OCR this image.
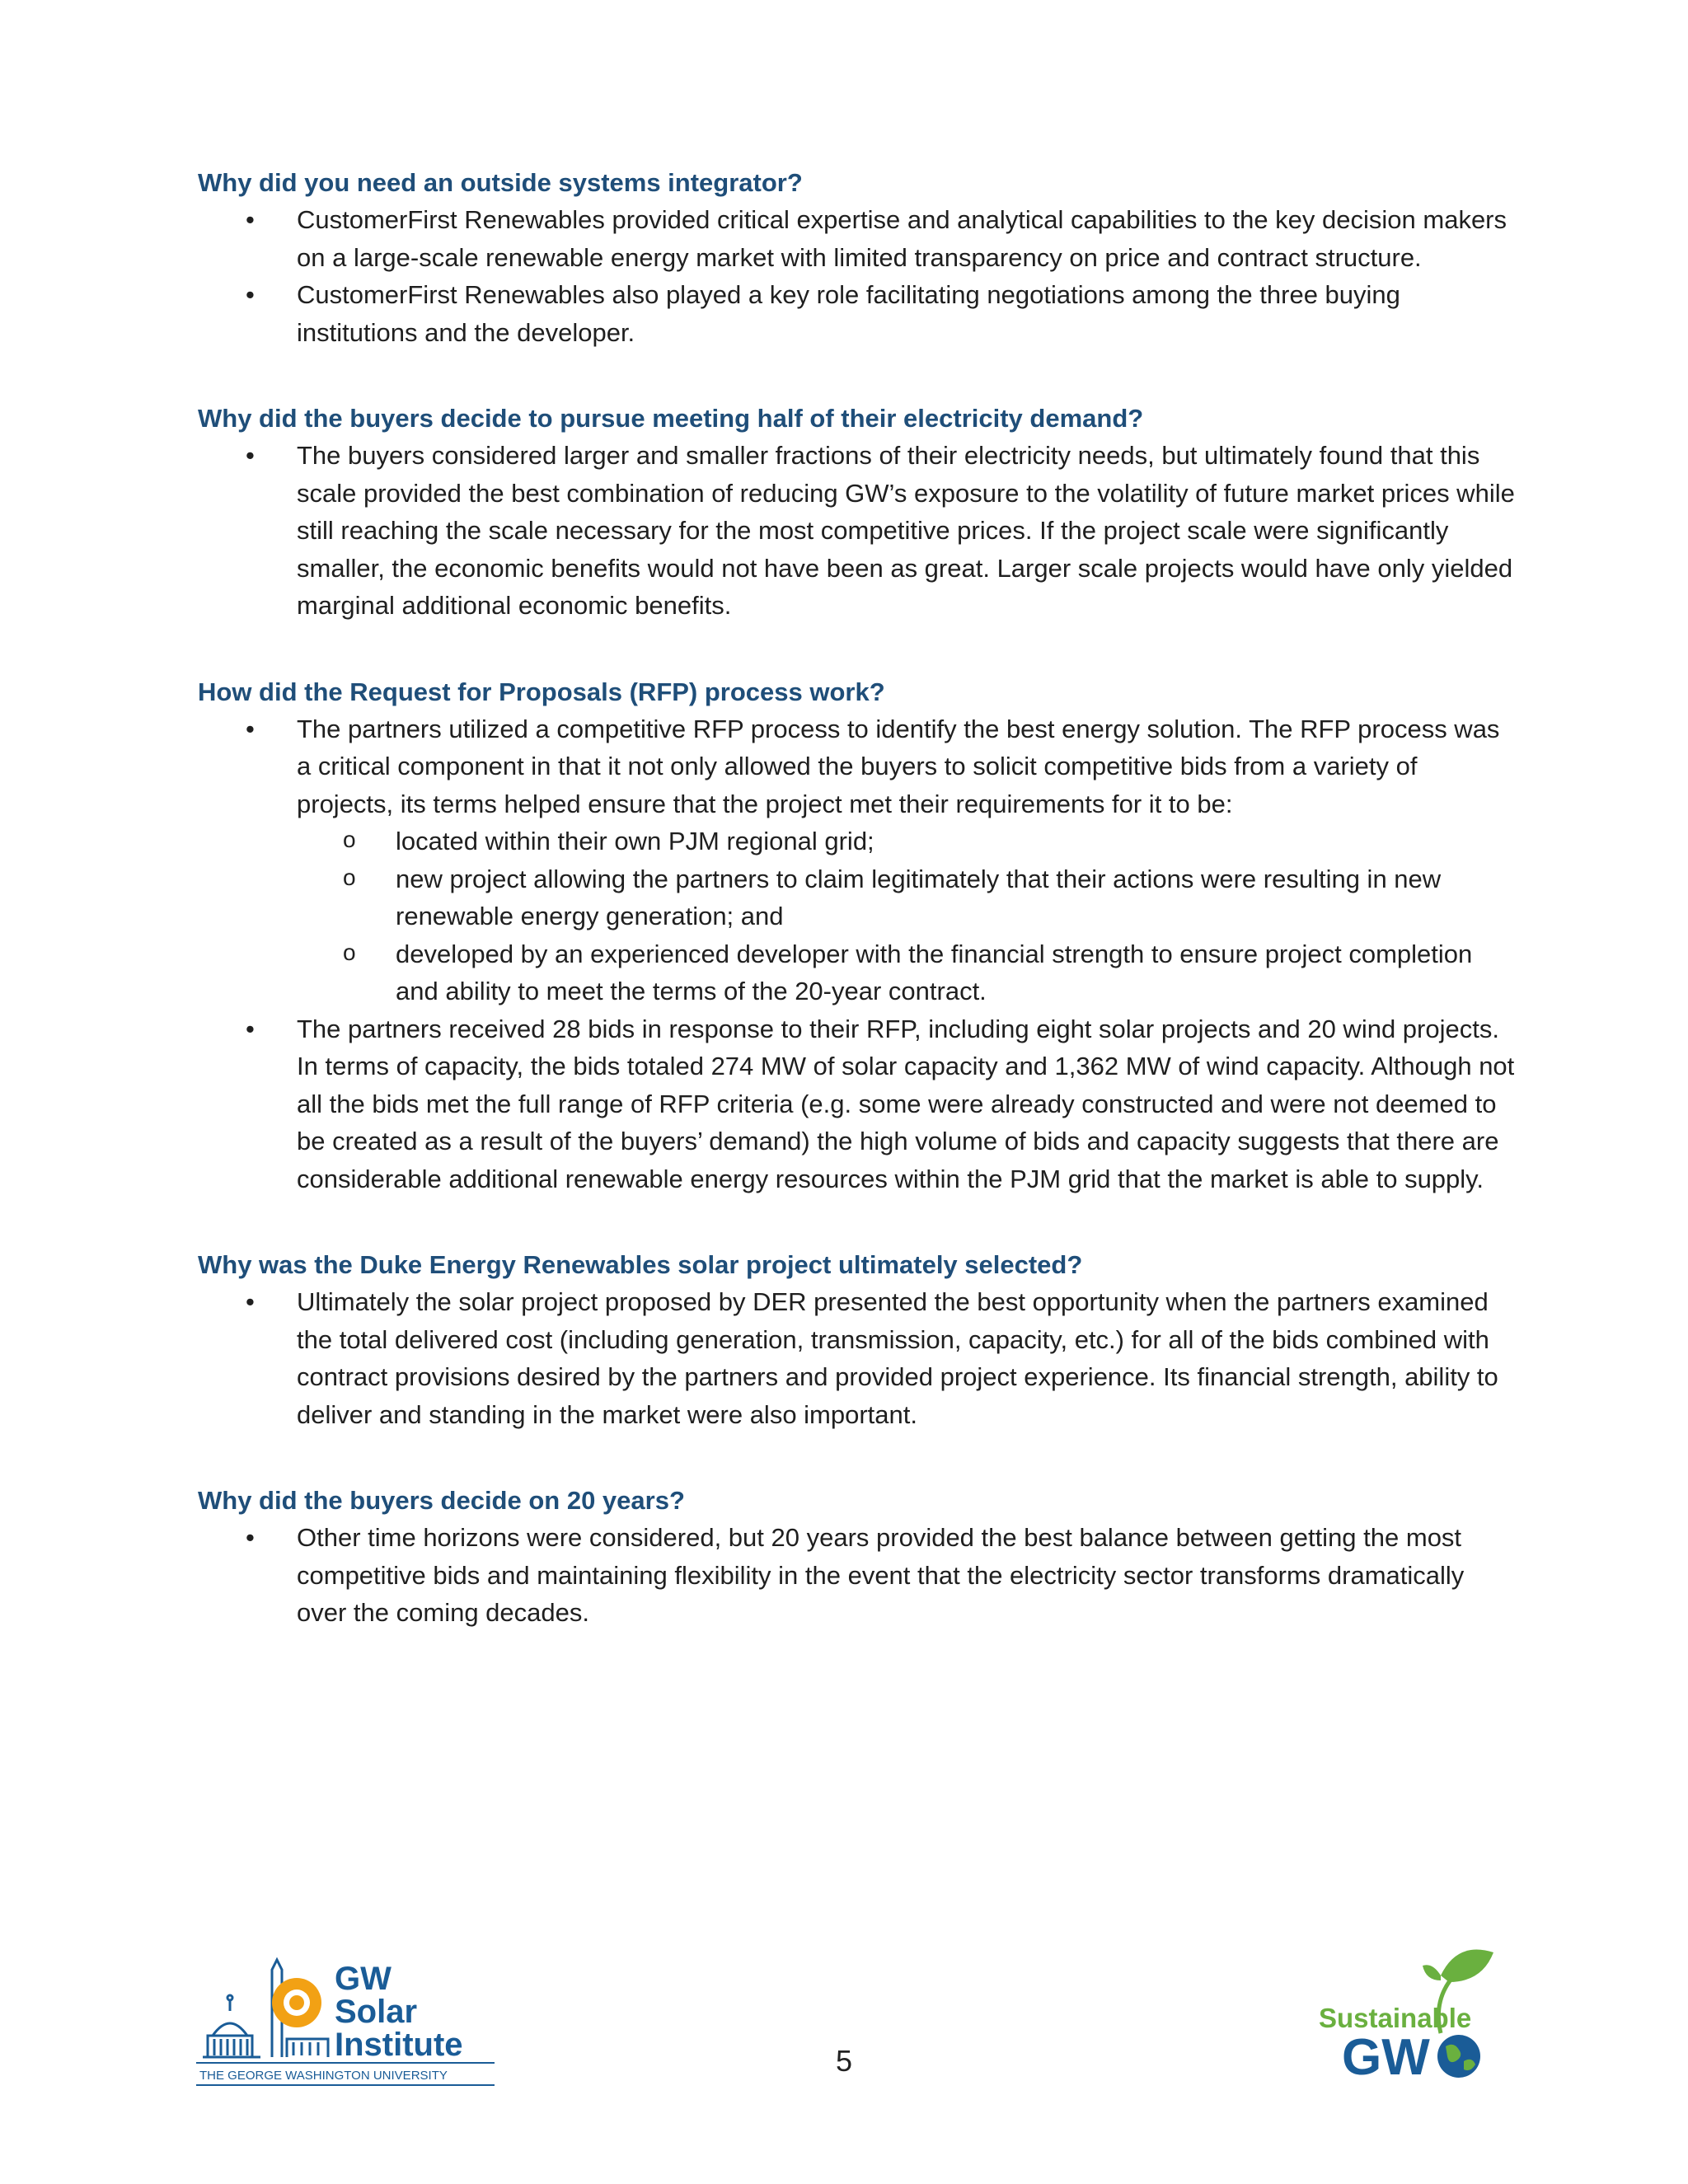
Why did you need an outside systems integrator?
• CustomerFirst Renewables provided critical expertise and analytical capabilities to the key decision makers on a large-scale renewable energy market with limited transparency on price and contract structure.
• CustomerFirst Renewables also played a key role facilitating negotiations among the three buying institutions and the developer.
Why did the buyers decide to pursue meeting half of their electricity demand?
• The buyers considered larger and smaller fractions of their electricity needs, but ultimately found that this scale provided the best combination of reducing GW’s exposure to the volatility of future market prices while still reaching the scale necessary for the most competitive prices. If the project scale were significantly smaller, the economic benefits would not have been as great. Larger scale projects would have only yielded marginal additional economic benefits.
How did the Request for Proposals (RFP) process work?
• The partners utilized a competitive RFP process to identify the best energy solution. The RFP process was a critical component in that it not only allowed the buyers to solicit competitive bids from a variety of projects, its terms helped ensure that the project met their requirements for it to be:
o located within their own PJM regional grid;
o new project allowing the partners to claim legitimately that their actions were resulting in new renewable energy generation; and
o developed by an experienced developer with the financial strength to ensure project completion and ability to meet the terms of the 20-year contract.
• The partners received 28 bids in response to their RFP, including eight solar projects and 20 wind projects. In terms of capacity, the bids totaled 274 MW of solar capacity and 1,362 MW of wind capacity. Although not all the bids met the full range of RFP criteria (e.g. some were already constructed and were not deemed to be created as a result of the buyers’ demand) the high volume of bids and capacity suggests that there are considerable additional renewable energy resources within the PJM grid that the market is able to supply.
Why was the Duke Energy Renewables solar project ultimately selected?
• Ultimately the solar project proposed by DER presented the best opportunity when the partners examined the total delivered cost (including generation, transmission, capacity, etc.) for all of the bids combined with contract provisions desired by the partners and provided project experience. Its financial strength, ability to deliver and standing in the market were also important.
Why did the buyers decide on 20 years?
• Other time horizons were considered, but 20 years provided the best balance between getting the most competitive bids and maintaining flexibility in the event that the electricity sector transforms dramatically over the coming decades.
GW
Solar
Institute
THE GEORGE WASHINGTON UNIVERSITY	5
Sustainable
GW
